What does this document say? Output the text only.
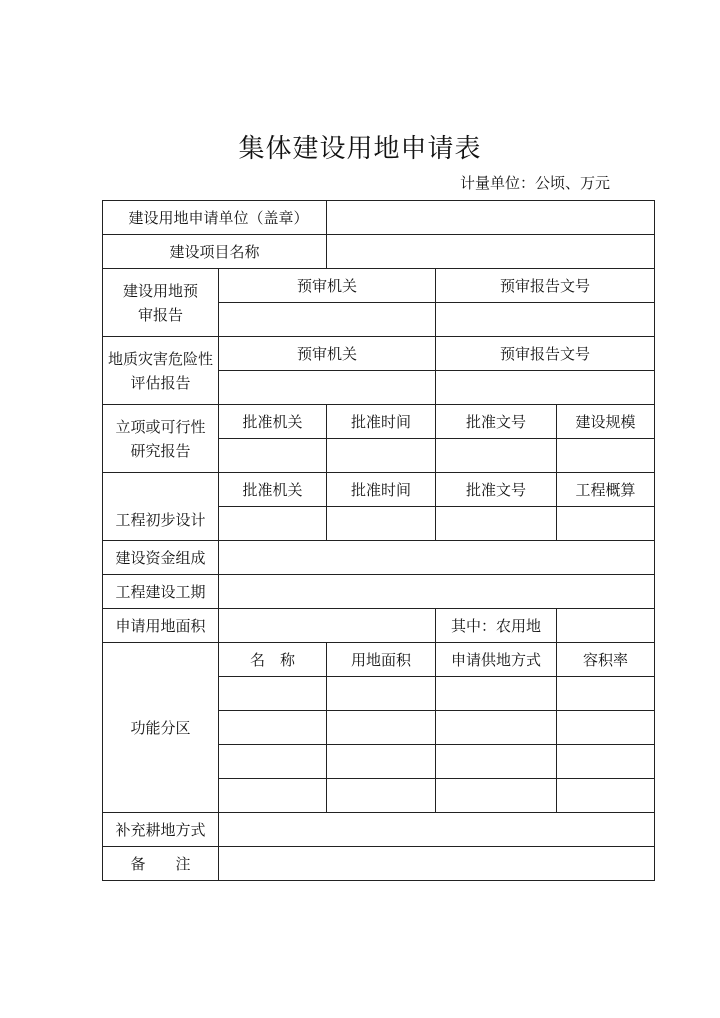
集体建设用地申请表
计量单位：公顷、万元
建设用地申请单位（盖章）				
建设项目名称				
建设用地预审报告	预审机关		预审报告文号	

地质灾害危险性评估报告	预审机关		预审报告文号	

立项或可行性研究报告	批准机关	批准时间	批准文号	建设规模

工程初步设计	批准机关	批准时间	批准文号	工程概算

建设资金组成				
工程建设工期				
申请用地面积			其中：农用地	
功能分区	名　称	用地面积	申请供地方式	容积率

补充耕地方式				
备　　注				
